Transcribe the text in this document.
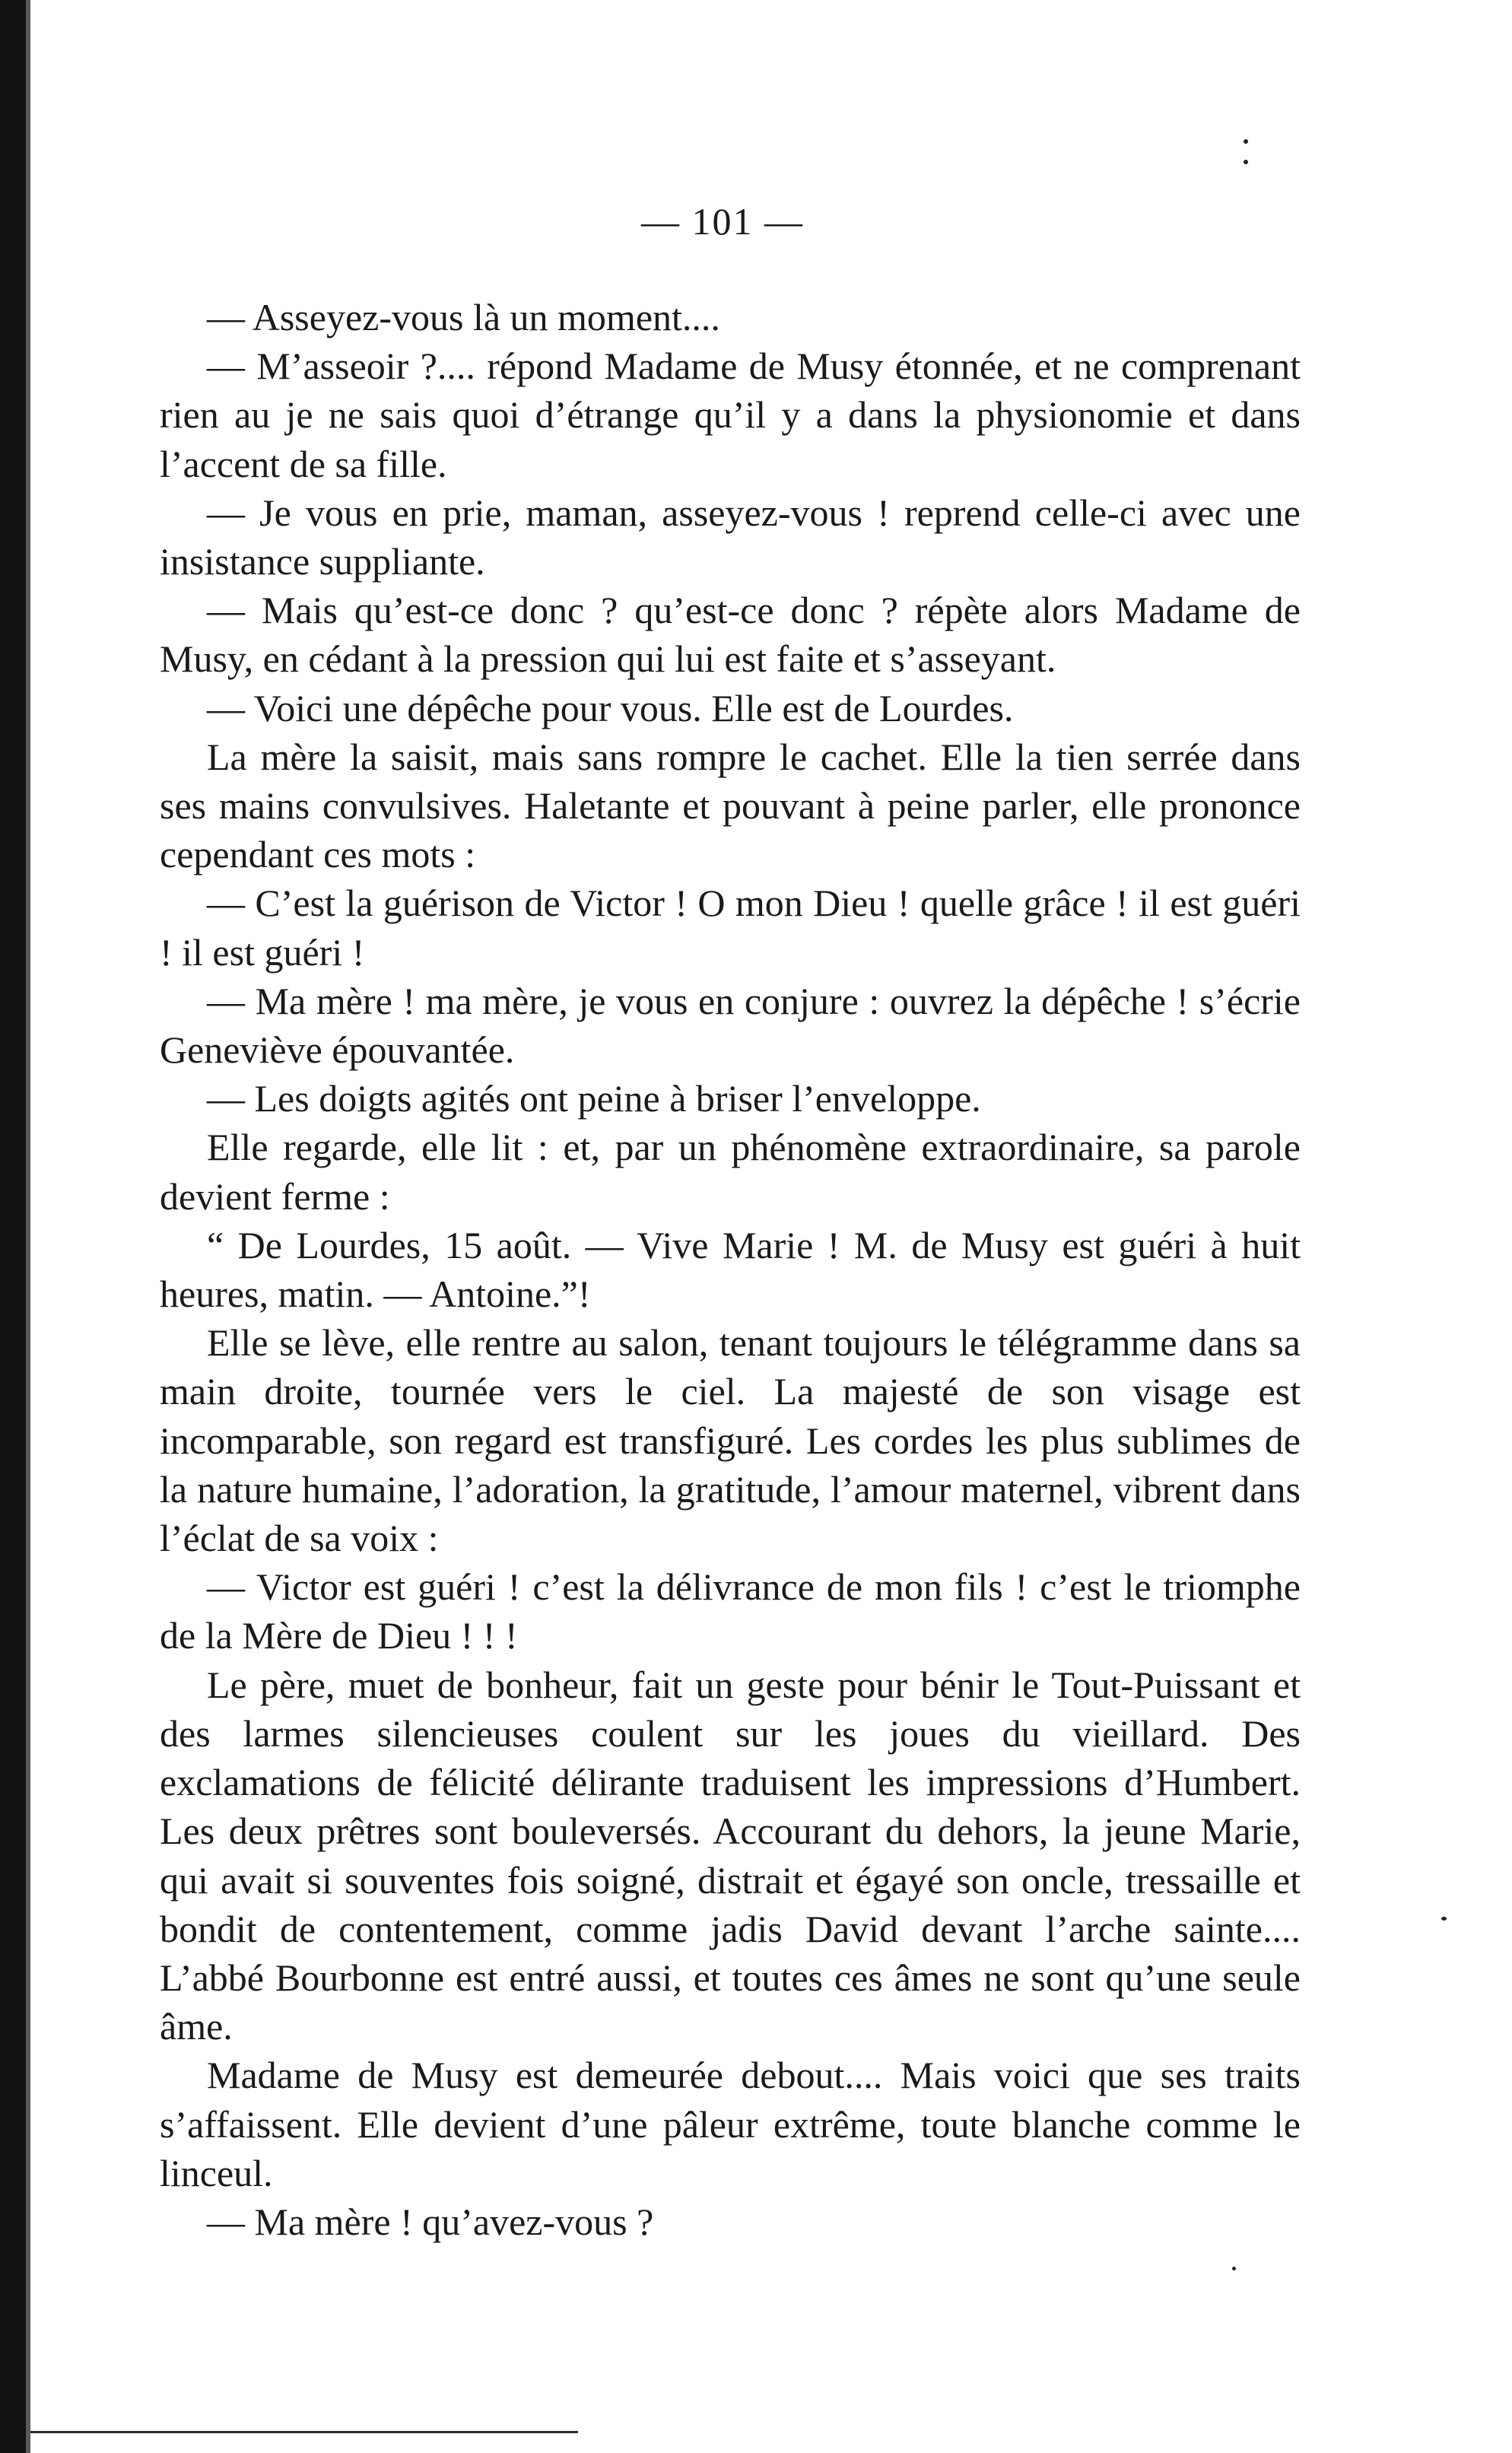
— 101 —

— Asseyez-vous là un moment....

— M’asseoir ?.... répond Madame de Musy étonnée, et ne comprenant rien au je ne sais quoi d’étrange qu’il y a dans la physionomie et dans l’accent de sa fille.

— Je vous en prie, maman, asseyez-vous ! reprend celle-ci avec une insistance suppliante.

— Mais qu’est-ce donc ? qu’est-ce donc ? répète alors Madame de Musy, en cédant à la pression qui lui est faite et s’asseyant.

— Voici une dépêche pour vous. Elle est de Lourdes.

La mère la saisit, mais sans rompre le cachet. Elle la tien serrée dans ses mains convulsives. Haletante et pouvant à peine parler, elle prononce cependant ces mots :

— C’est la guérison de Victor ! O mon Dieu ! quelle grâce ! il est guéri ! il est guéri !

— Ma mère ! ma mère, je vous en conjure : ouvrez la dépêche ! s’écrie Geneviève épouvantée.

— Les doigts agités ont peine à briser l’enveloppe.

Elle regarde, elle lit : et, par un phénomène extraordinaire, sa parole devient ferme :

“ De Lourdes, 15 août. — Vive Marie ! M. de Musy est guéri à huit heures, matin. — Antoine.”!

Elle se lève, elle rentre au salon, tenant toujours le télégramme dans sa main droite, tournée vers le ciel. La majesté de son visage est incomparable, son regard est transfiguré. Les cordes les plus sublimes de la nature humaine, l’adoration, la gratitude, l’amour maternel, vibrent dans l’éclat de sa voix :

— Victor est guéri ! c’est la délivrance de mon fils ! c’est le triomphe de la Mère de Dieu ! ! !

Le père, muet de bonheur, fait un geste pour bénir le Tout-Puissant et des larmes silencieuses coulent sur les joues du vieillard. Des exclamations de félicité délirante traduisent les impressions d’Humbert. Les deux prêtres sont bouleversés. Accourant du dehors, la jeune Marie, qui avait si souventes fois soigné, distrait et égayé son oncle, tressaille et bondit de contentement, comme jadis David devant l’arche sainte.... L’abbé Bourbonne est entré aussi, et toutes ces âmes ne sont qu’une seule âme.

Madame de Musy est demeurée debout.... Mais voici que ses traits s’affaissent. Elle devient d’une pâleur extrême, toute blanche comme le linceul.

— Ma mère ! qu’avez-vous ?
